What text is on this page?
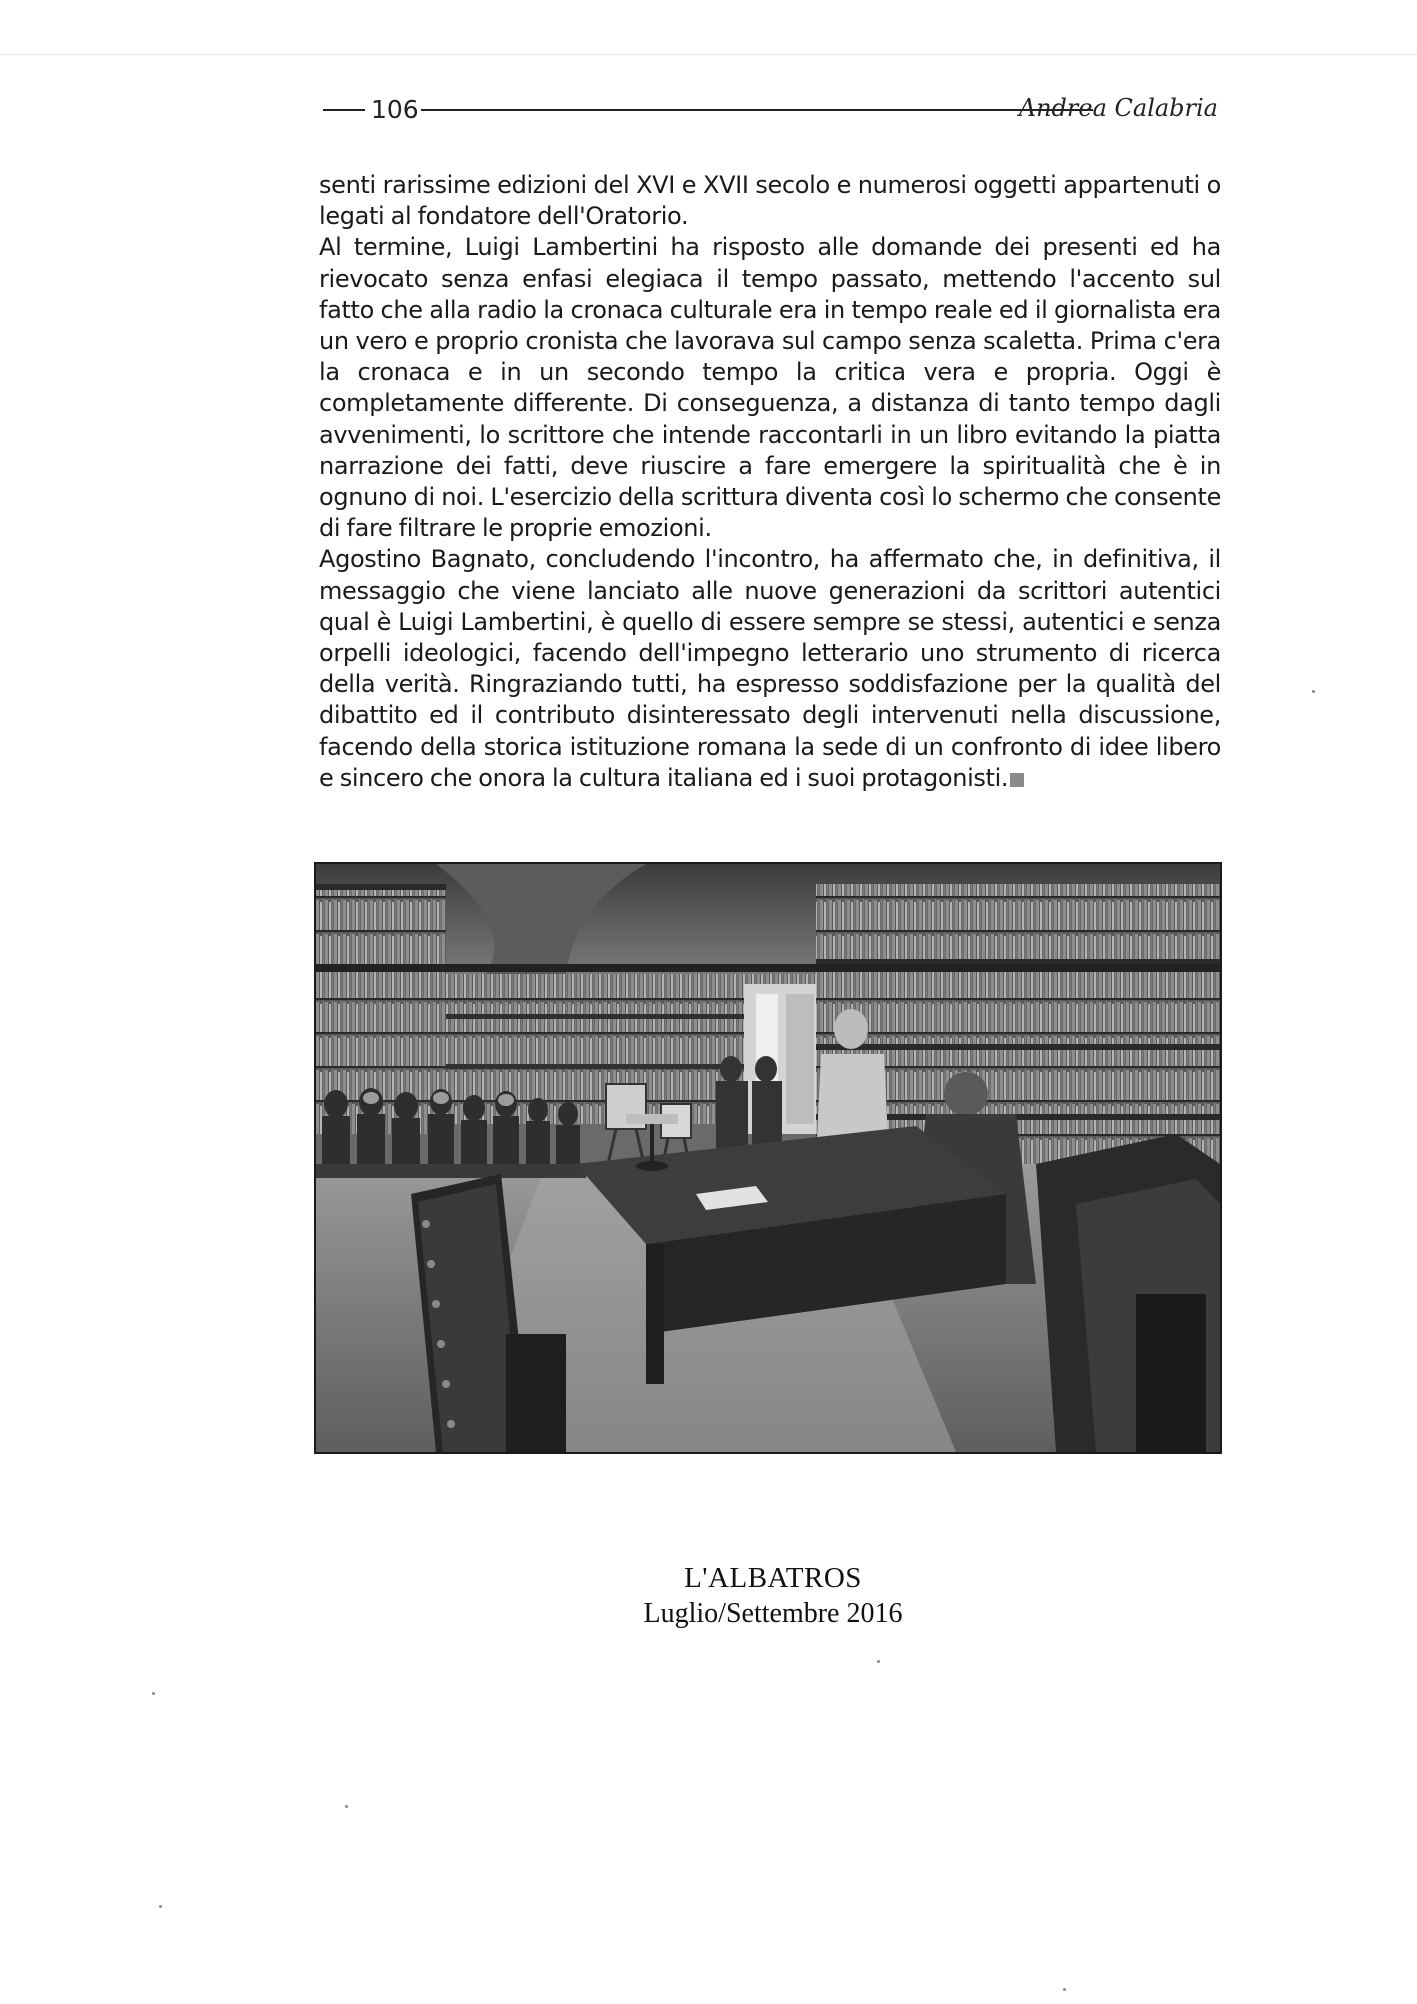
106	Andrea Calabria

senti rarissime edizioni del XVI e XVII secolo e numerosi oggetti appartenuti o legati al fondatore dell'Oratorio.

Al termine, Luigi Lambertini ha risposto alle domande dei presenti ed ha rievocato senza enfasi elegiaca il tempo passato, mettendo l'accento sul fatto che alla radio la cronaca culturale era in tempo reale ed il giornalista era un vero e proprio cronista che lavorava sul campo senza scaletta. Prima c'era la cronaca e in un secondo tempo la critica vera e propria. Oggi è completamente differente. Di conseguenza, a distanza di tanto tempo dagli avvenimenti, lo scrittore che intende raccontarli in un libro evitando la piatta narrazione dei fatti, deve riuscire a fare emergere la spiritualità che è in ognuno di noi. L'esercizio della scrittura diventa così lo schermo che consente di fare filtrare le proprie emozioni.

Agostino Bagnato, concludendo l'incontro, ha affermato che, in definitiva, il messaggio che viene lanciato alle nuove generazioni da scrittori autentici qual è Luigi Lambertini, è quello di essere sempre se stessi, autentici e senza orpelli ideologici, facendo dell'impegno letterario uno strumento di ricerca della verità. Ringraziando tutti, ha espresso soddisfazione per la qualità del dibattito ed il contributo disinteressato degli intervenuti nella discussione, facendo della storica istituzione romana la sede di un confronto di idee libero e sincero che onora la cultura italiana ed i suoi protagonisti.

L'ALBATROS
Luglio/Settembre 2016
